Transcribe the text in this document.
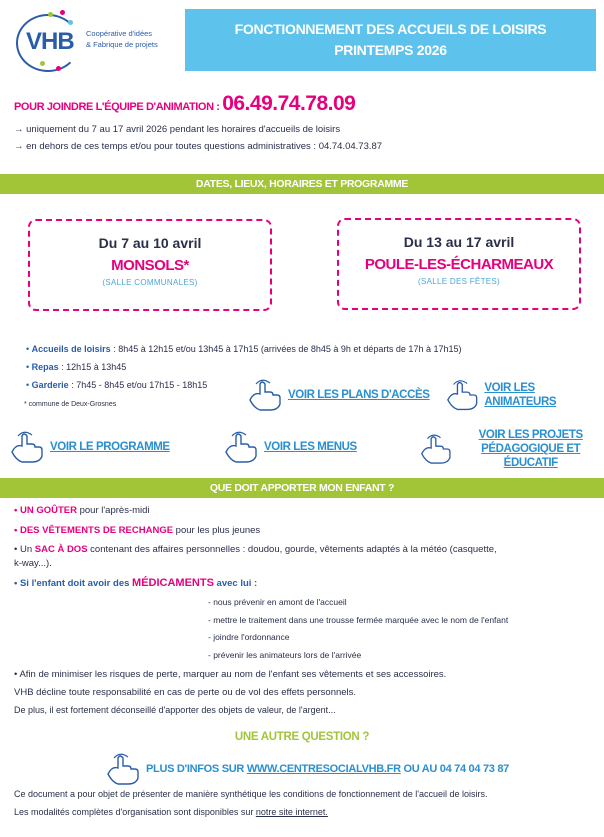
VHB Coopérative d'idées
& Fabrique de projets
FONCTIONNEMENT DES ACCUEILS DE LOISIRS
PRINTEMPS 2026
POUR JOINDRE L'ÉQUIPE D'ANIMATION : 06.49.74.78.09
→ uniquement du 7 au 17 avril 2026 pendant les horaires d'accueils de loisirs
→ en dehors de ces temps et/ou pour toutes questions administratives : 04.74.04.73.87
DATES, LIEUX, HORAIRES ET PROGRAMME
Du 7 au 10 avril
MONSOLS*
(SALLE COMMUNALES)
Du 13 au 17 avril
POULE-LES-ÉCHARMEAUX
(SALLE DES FÊTES)
• Accueils de loisirs : 8h45 à 12h15 et/ou 13h45 à 17h15 (arrivées de 8h45 à 9h et départs de 17h à 17h15)
• Repas : 12h15 à 13h45
• Garderie : 7h45 - 8h45 et/ou 17h15 - 18h15
* commune de Deux-Grosnes
VOIR LES PLANS D'ACCÈS
VOIR LES ANIMATEURS
VOIR LE PROGRAMME	VOIR LES MENUS
VOIR LES PROJETS
PÉDAGOGIQUE ET ÉDUCATIF
QUE DOIT APPORTER MON ENFANT ?
• UN GOÛTER pour l'après-midi
• DES VÊTEMENTS DE RECHANGE pour les plus jeunes
• Un SAC À DOS contenant des affaires personnelles : doudou, gourde, vêtements adaptés à la météo (casquette,
k-way...).
• Si l'enfant doit avoir des MÉDICAMENTS avec lui :
- nous prévenir en amont de l'accueil
- mettre le traitement dans une trousse fermée marquée avec le nom de l'enfant
- joindre l'ordonnance
- prévenir les animateurs lors de l'arrivée
• Afin de minimiser les risques de perte, marquer au nom de l'enfant ses vêtements et ses accessoires.
VHB décline toute responsabilité en cas de perte ou de vol des effets personnels.
De plus, il est fortement déconseillé d'apporter des objets de valeur, de l'argent...
UNE AUTRE QUESTION ?
PLUS D'INFOS SUR WWW.CENTRESOCIALVHB.FR OU AU 04 74 04 73 87
Ce document a pour objet de présenter de manière synthétique les conditions de fonctionnement de l'accueil de loisirs.
Les modalités complètes d'organisation sont disponibles sur notre site internet.
